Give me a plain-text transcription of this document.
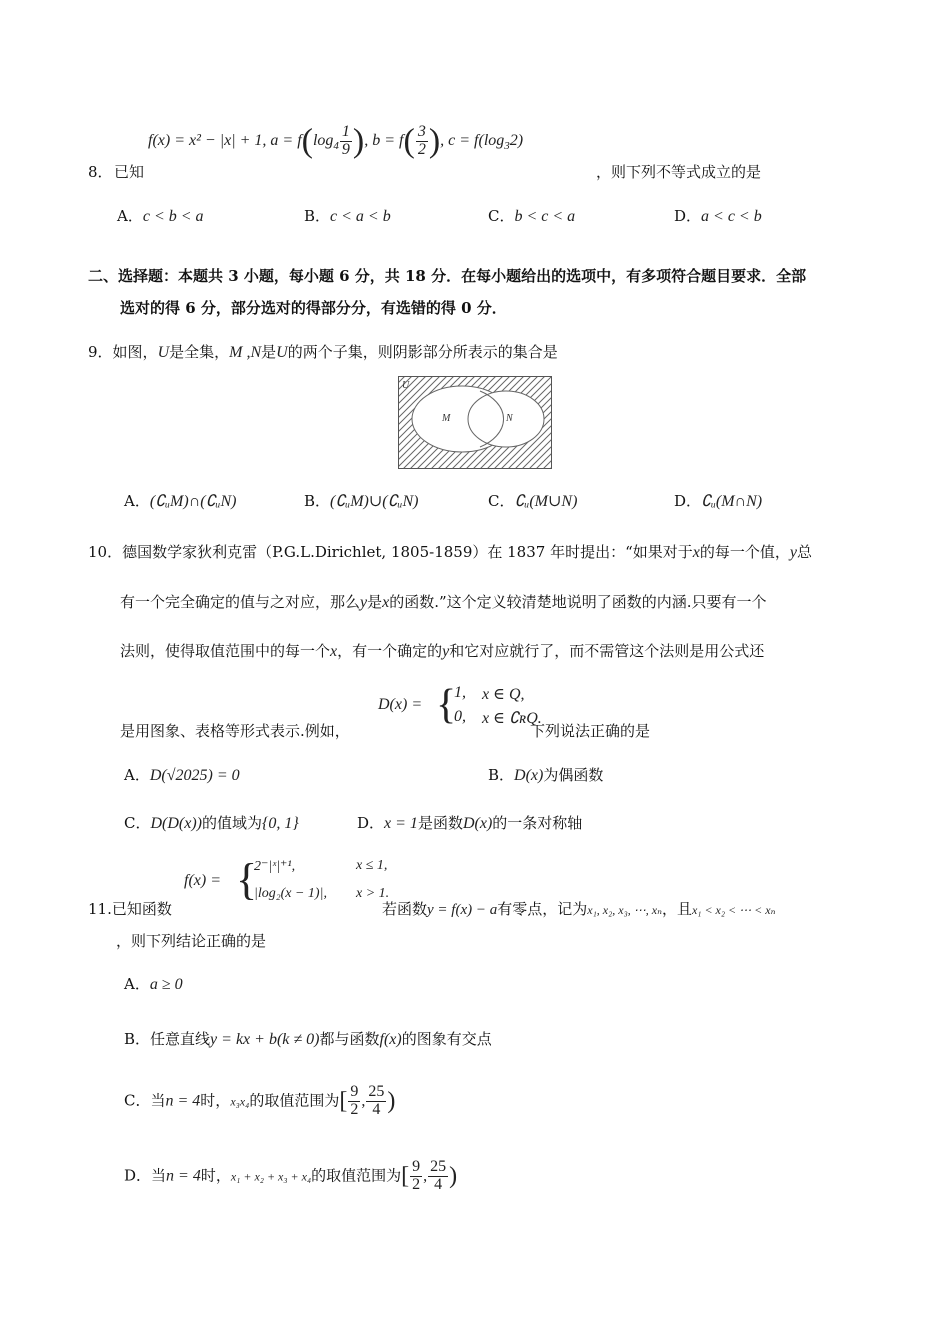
f(x) = x² − |x| + 1, $a = f(\log_4 \frac{1}{9}$ ), $b = f( \frac{3}{2}$ ), $c = f(\log_32)$
8． 已知	，则下列不等式成立的是
A．c < b < a	B．c < a < b	C．b < c < a	D．a < c < b
二、选择题：本题共 3 小题，每小题 6 分，共 18 分．在每小题给出的选项中，有多项符合题目要求．全部
选对的得 6 分，部分选对的得部分分，有选错的得 0 分．
9．如图，U是全集，M ,N是U的两个子集，则阴影部分所表示的集合是
U
M	N
A．(∁ᵤM)∩(∁ᵤN)	B．(∁ᵤM)∪(∁ᵤN)	C．∁ᵤ(M∪N)	D．∁ᵤ(M∩N)
10．德国数学家狄利克雷（P.G.L.Dirichlet, 1805-1859）在 1837 年时提出：“如果对于x的每一个值，y总
有一个完全确定的值与之对应，那么y是x的函数.”这个定义较清楚地说明了函数的内涵.只要有一个
法则，使得取值范围中的每一个x，有一个确定的y和它对应就行了，而不需管这个法则是用公式还
D(x) = {
1, x ∈ Q,
0, x ∈ ∁ʀQ.
是用图象、表格等形式表示.例如，	下列说法正确的是
A．D(√2025) = 0	B．D(x)为偶函数
C．D(D(x))的值域为{0, 1}	D．x = 1是函数D(x)的一条对称轴
f(x) = {
2⁻|ˣ|⁺¹,	x ≤ 1,
|log₂(x − 1)|, x > 1.
11.已知函数	若函数y = f(x) − a有零点，记为x₁, x₂, x₃, ⋯, xₙ，且x₁ < x₂ < ⋯ < xₙ
，则下列结论正确的是
A．a ≥ 0
B．任意直线y = kx + b(k ≠ 0)都与函数f(x)的图象有交点
C．当n = 4时，x₃x₄的取值范围为[ $\frac{9}{2}$ , $\frac{25}{4}$ )
D．当n = 4时，x₁ + x₂ + x₃ + x₄的取值范围为[ $\frac{9}{2}$ , $\frac{25}{4}$ )
